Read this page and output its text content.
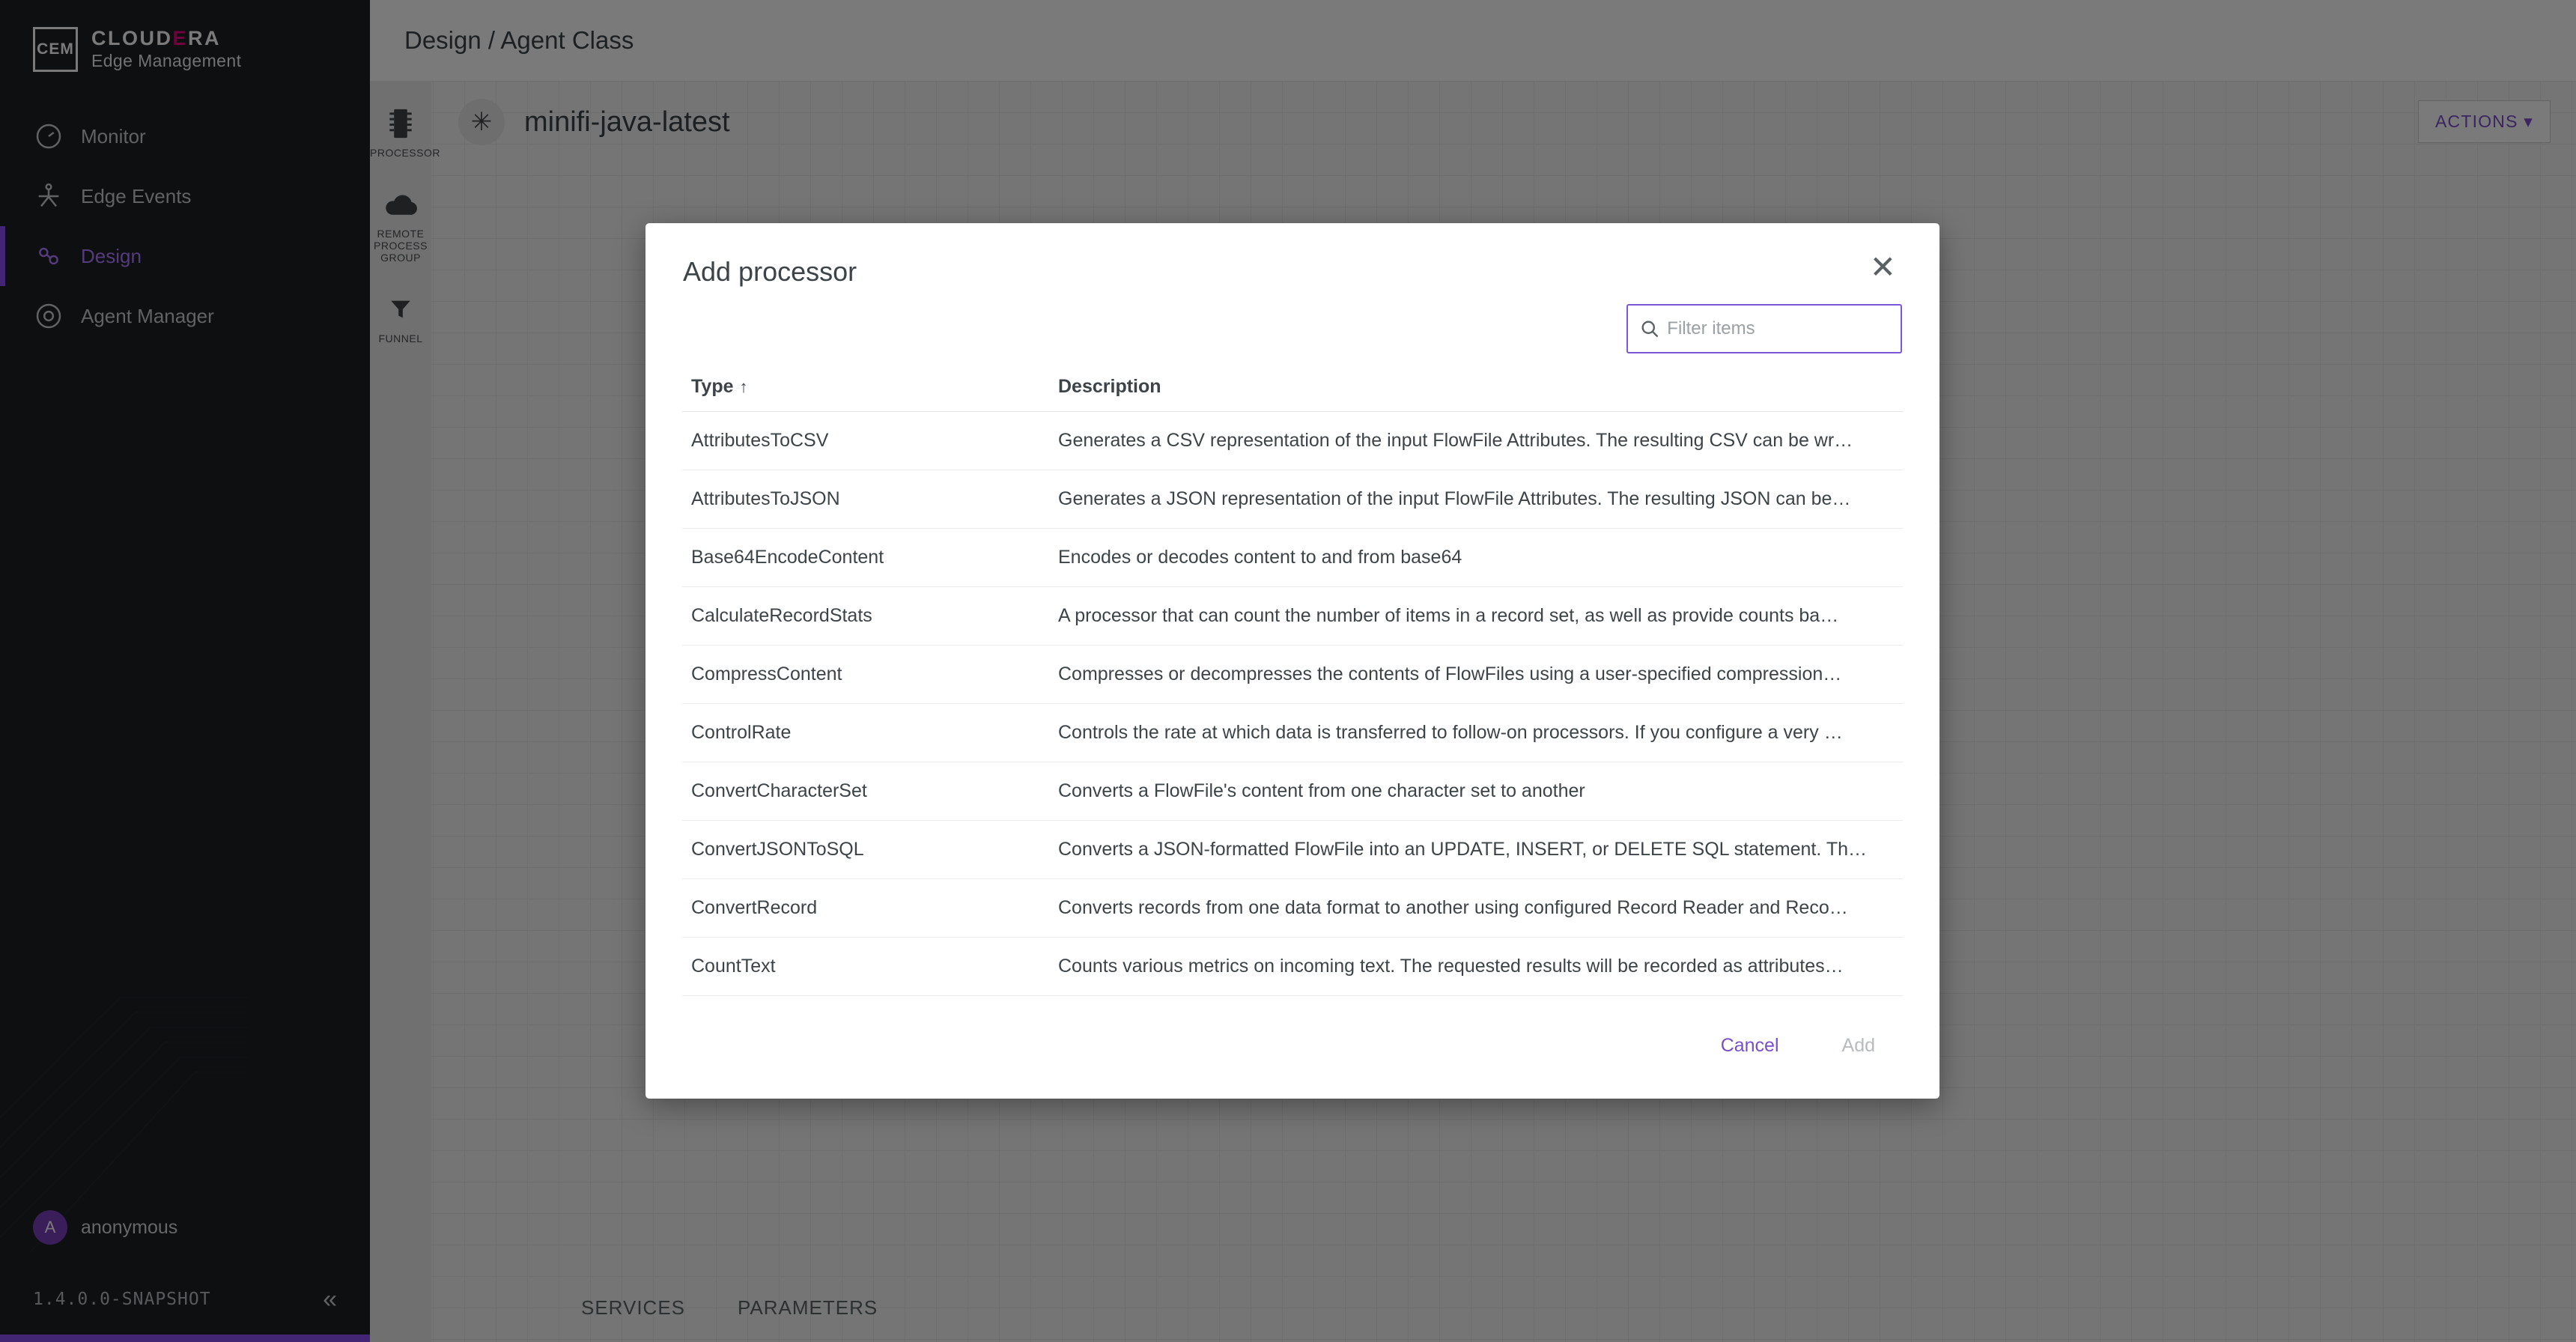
Add processor	✕
Filter items
Type ↑	Description
AttributesToCSV	Generates a CSV representation of the input FlowFile Attributes. The resulting CSV can be wr…
AttributesToJSON	Generates a JSON representation of the input FlowFile Attributes. The resulting JSON can be…
Base64EncodeContent	Encodes or decodes content to and from base64
CalculateRecordStats	A processor that can count the number of items in a record set, as well as provide counts ba…
CompressContent	Compresses or decompresses the contents of FlowFiles using a user-specified compression…
ControlRate	Controls the rate at which data is transferred to follow-on processors. If you configure a very …
ConvertCharacterSet	Converts a FlowFile's content from one character set to another
ConvertJSONToSQL	Converts a JSON-formatted FlowFile into an UPDATE, INSERT, or DELETE SQL statement. Th…
ConvertRecord	Converts records from one data format to another using configured Record Reader and Reco…
CountText	Counts various metrics on incoming text. The requested results will be recorded as attributes…
Cancel	Add
